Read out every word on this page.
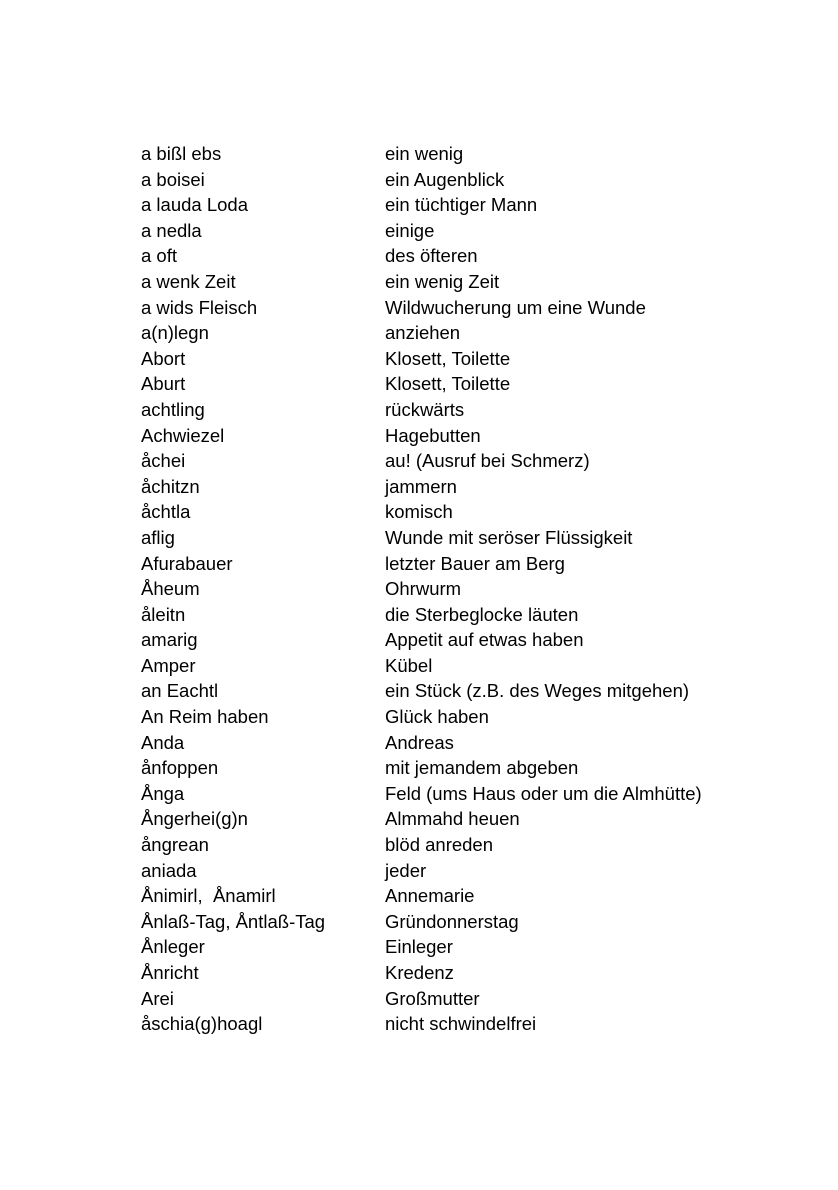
a bißl ebs	ein wenig
a boisei	ein Augenblick
a lauda Loda	ein tüchtiger Mann
a nedla	einige
a oft	des öfteren
a wenk Zeit	ein wenig Zeit
a wids Fleisch	Wildwucherung um eine Wunde
a(n)legn	anziehen
Abort	Klosett, Toilette
Aburt	Klosett, Toilette
achtling	rückwärts
Achwiezel	Hagebutten
åchei	au! (Ausruf bei Schmerz)
åchitzn	jammern
åchtla	komisch
aflig	Wunde mit seröser Flüssigkeit
Afurabauer	letzter Bauer am Berg
Åheum	Ohrwurm
åleitn	die Sterbeglocke läuten
amarig	Appetit auf etwas haben
Amper	Kübel
an Eachtl	ein Stück (z.B. des Weges mitgehen)
An Reim haben	Glück haben
Anda	Andreas
ånfoppen	mit jemandem abgeben
Ånga	Feld (ums Haus oder um die Almhütte)
Ångerhei(g)n	Almmahd heuen
ångrean	blöd anreden
aniada	jeder
Ånimirl,  Ånamirl	Annemarie
Ånlaß-Tag, Åntlaß-Tag	Gründonnerstag
Ånleger	Einleger
Ånricht	Kredenz
Arei	Großmutter
åschia(g)hoagl	nicht schwindelfrei
